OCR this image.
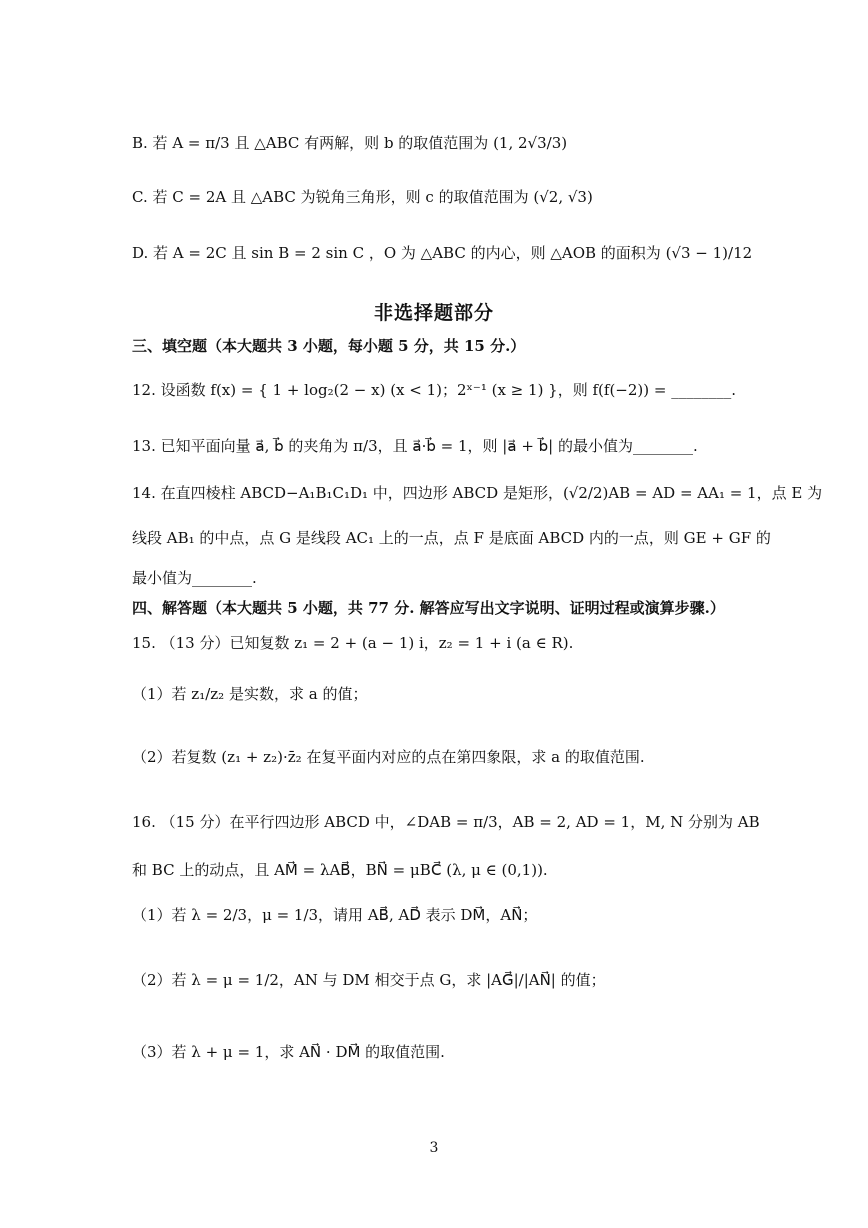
B. 若 A = π/3 且 △ABC 有两解，则 b 的取值范围为 (1, 2√3/3)
C. 若 C = 2A 且 △ABC 为锐角三角形，则 c 的取值范围为 (√2, √3)
D. 若 A = 2C 且 sin B = 2 sin C ，O 为 △ABC 的内心，则 △AOB 的面积为 (√3 − 1)/12
非选择题部分
三、填空题（本大题共 3 小题，每小题 5 分，共 15 分.）
12. 设函数 f(x) = { 1 + log₂(2 − x) (x < 1)；2ˣ⁻¹ (x ≥ 1) }，则 f(f(−2)) = ________.
13. 已知平面向量 a⃗, b⃗ 的夹角为 π/3，且 a⃗·b⃗ = 1，则 |a⃗ + b⃗| 的最小值为________.
14. 在直四棱柱 ABCD−A₁B₁C₁D₁ 中，四边形 ABCD 是矩形，(√2/2)AB = AD = AA₁ = 1，点 E 为
线段 AB₁ 的中点，点 G 是线段 AC₁ 上的一点，点 F 是底面 ABCD 内的一点，则 GE + GF 的
最小值为________.
四、解答题（本大题共 5 小题，共 77 分. 解答应写出文字说明、证明过程或演算步骤.）
15. （13 分）已知复数 z₁ = 2 + (a − 1) i，z₂ = 1 + i (a ∈ R).
（1）若 z₁/z₂ 是实数，求 a 的值；
（2）若复数 (z₁ + z₂)·z̄₂ 在复平面内对应的点在第四象限，求 a 的取值范围.
16. （15 分）在平行四边形 ABCD 中，∠DAB = π/3，AB = 2, AD = 1，M, N 分别为 AB
和 BC 上的动点，且 AM⃗ = λAB⃗，BN⃗ = μBC⃗ (λ, μ ∈ (0,1)).
（1）若 λ = 2/3，μ = 1/3，请用 AB⃗, AD⃗ 表示 DM⃗，AN⃗；
（2）若 λ = μ = 1/2，AN 与 DM 相交于点 G，求 |AG⃗|/|AN⃗| 的值；
（3）若 λ + μ = 1，求 AN⃗ · DM⃗ 的取值范围.
3
